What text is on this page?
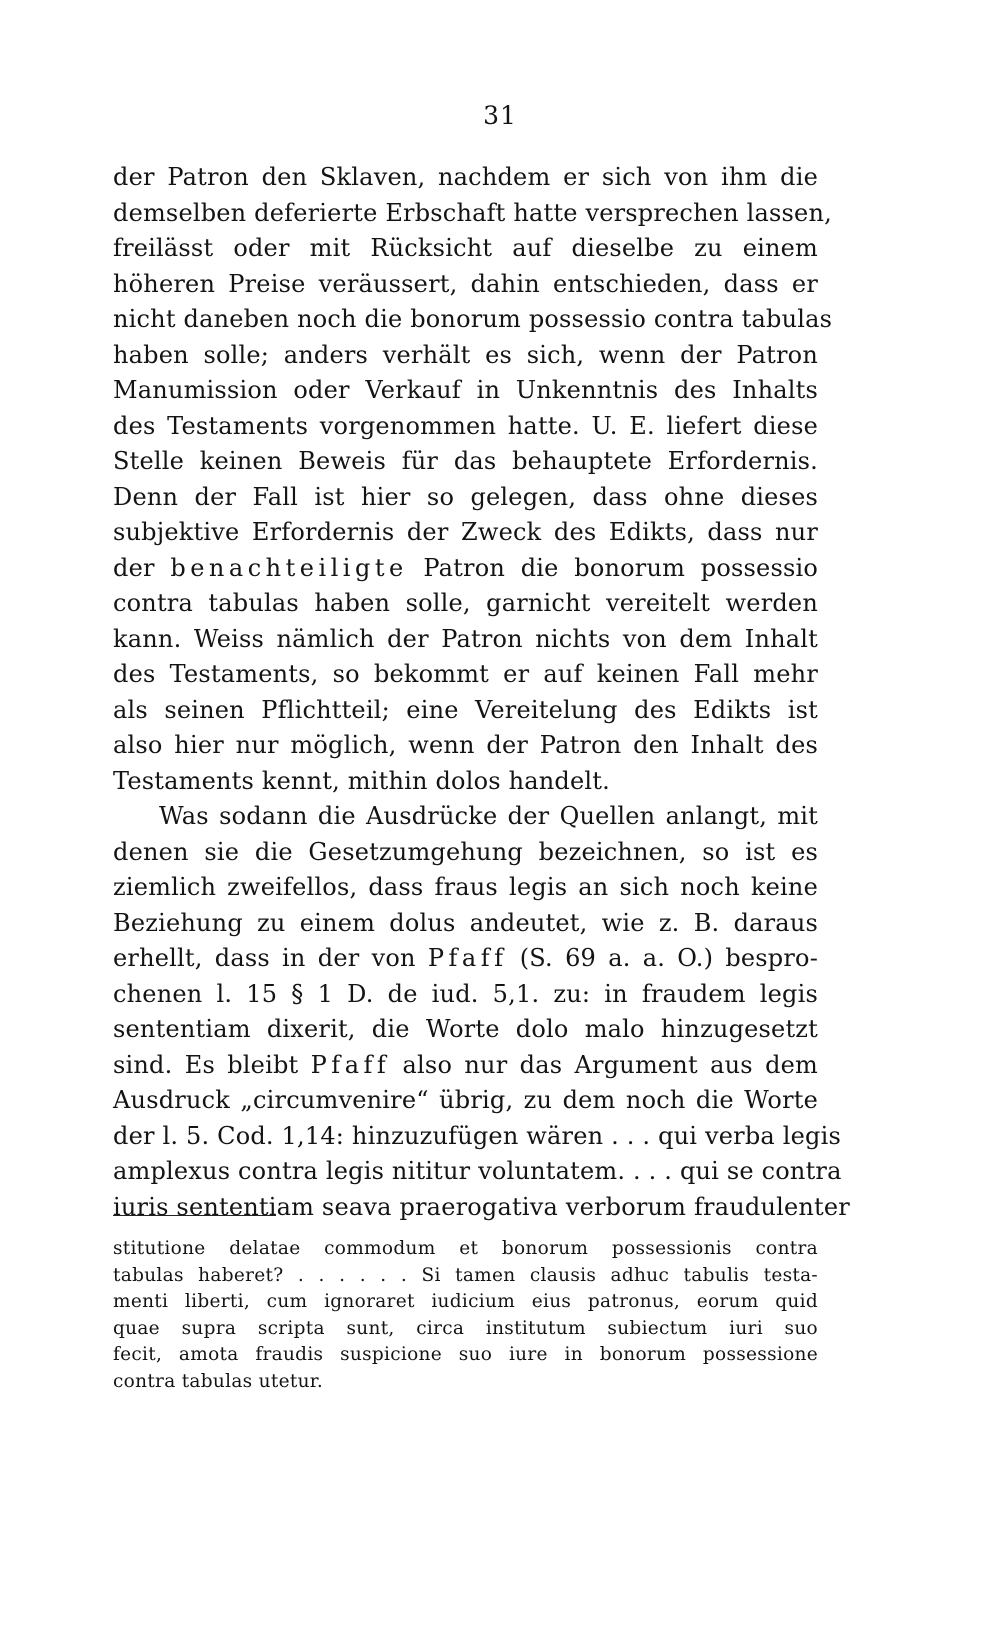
31
der Patron den Sklaven, nachdem er sich von ihm die
demselben deferierte Erbschaft hatte versprechen lassen,
freilässt oder mit Rücksicht auf dieselbe zu einem
höheren Preise veräussert, dahin entschieden, dass er
nicht daneben noch die bonorum possessio contra tabulas
haben solle; anders verhält es sich, wenn der Patron
Manumission oder Verkauf in Unkenntnis des Inhalts
des Testaments vorgenommen hatte. U. E. liefert diese
Stelle keinen Beweis für das behauptete Erfordernis.
Denn der Fall ist hier so gelegen, dass ohne dieses
subjektive Erfordernis der Zweck des Edikts, dass nur
der benachteiligte Patron die bonorum possessio
contra tabulas haben solle, garnicht vereitelt werden
kann. Weiss nämlich der Patron nichts von dem Inhalt
des Testaments, so bekommt er auf keinen Fall mehr
als seinen Pflichtteil; eine Vereitelung des Edikts ist
also hier nur möglich, wenn der Patron den Inhalt des
Testaments kennt, mithin dolos handelt.
Was sodann die Ausdrücke der Quellen anlangt, mit
denen sie die Gesetzumgehung bezeichnen, so ist es
ziemlich zweifellos, dass fraus legis an sich noch keine
Beziehung zu einem dolus andeutet, wie z. B. daraus
erhellt, dass in der von Pfaff (S. 69 a. a. O.) bespro-
chenen l. 15 § 1 D. de iud. 5,1. zu: in fraudem legis
sententiam dixerit, die Worte dolo malo hinzugesetzt
sind. Es bleibt Pfaff also nur das Argument aus dem
Ausdruck „circumvenire“ übrig, zu dem noch die Worte
der l. 5. Cod. 1,14: hinzuzufügen wären . . . qui verba legis
amplexus contra legis nititur voluntatem. . . . qui se contra
iuris sententiam seava praerogativa verborum fraudulenter
stitutione delatae commodum et bonorum possessionis contra
tabulas haberet? . . . . . . Si tamen clausis adhuc tabulis testa-
menti liberti, cum ignoraret iudicium eius patronus, eorum quid
quae supra scripta sunt, circa institutum subiectum iuri suo
fecit, amota fraudis suspicione suo iure in bonorum possessione
contra tabulas utetur.
